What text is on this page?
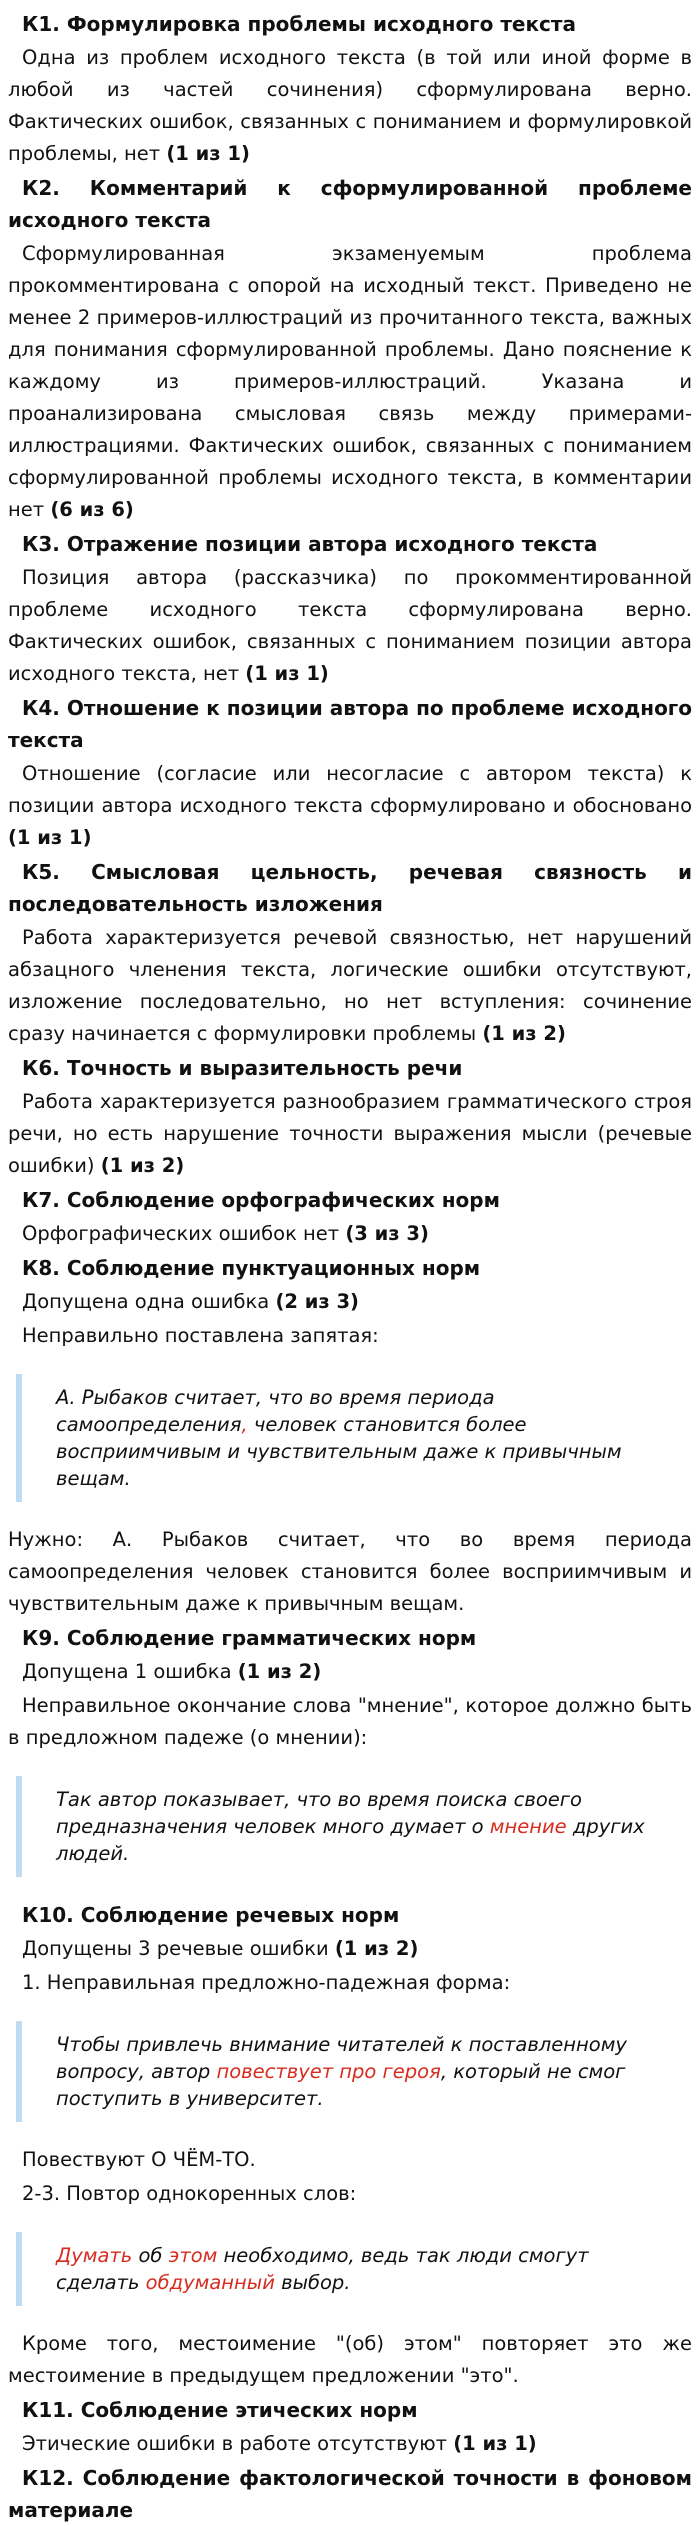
К1. Формулировка проблемы исходного текста
Одна из проблем исходного текста (в той или иной форме в любой из частей сочинения) сформулирована верно. Фактических ошибок, связанных с пониманием и формулировкой проблемы, нет (1 из 1)
К2. Комментарий к сформулированной проблеме исходного текста
Сформулированная экзаменуемым проблема прокомментирована с опорой на исходный текст. Приведено не менее 2 примеров-иллюстраций из прочитанного текста, важных для понимания сформулированной проблемы. Дано пояснение к каждому из примеров-иллюстраций. Указана и проанализирована смысловая связь между примерами-иллюстрациями. Фактических ошибок, связанных с пониманием сформулированной проблемы исходного текста, в комментарии нет (6 из 6)
К3. Отражение позиции автора исходного текста
Позиция автора (рассказчика) по прокомментированной проблеме исходного текста сформулирована верно. Фактических ошибок, связанных с пониманием позиции автора исходного текста, нет (1 из 1)
К4. Отношение к позиции автора по проблеме исходного текста
Отношение (согласие или несогласие с автором текста) к позиции автора исходного текста сформулировано и обосновано (1 из 1)
К5. Смысловая цельность, речевая связность и последовательность изложения
Работа характеризуется речевой связностью, нет нарушений абзацного членения текста, логические ошибки отсутствуют, изложение последовательно, но нет вступления: сочинение сразу начинается с формулировки проблемы (1 из 2)
К6. Точность и выразительность речи
Работа характеризуется разнообразием грамматического строя речи, но есть нарушение точности выражения мысли (речевые ошибки) (1 из 2)
К7. Соблюдение орфографических норм
Орфографических ошибок нет (3 из 3)
К8. Соблюдение пунктуационных норм
Допущена одна ошибка (2 из 3)
Неправильно поставлена запятая:
А. Рыбаков считает, что во время периода самоопределения, человек становится более восприимчивым и чувствительным даже к привычным вещам.
Нужно: А. Рыбаков считает, что во время периода самоопределения человек становится более восприимчивым и чувствительным даже к привычным вещам.
К9. Соблюдение грамматических норм
Допущена 1 ошибка (1 из 2)
Неправильное окончание слова "мнение", которое должно быть в предложном падеже (о мнении):
Так автор показывает, что во время поиска своего предназначения человек много думает о мнение других людей.
К10. Соблюдение речевых норм
Допущены 3 речевые ошибки (1 из 2)
1. Неправильная предложно-падежная форма:
Чтобы привлечь внимание читателей к поставленному вопросу, автор повествует про героя, который не смог поступить в университет.
Повествуют О ЧЁМ-ТО.
2-3. Повтор однокоренных слов:
Думать об этом необходимо, ведь так люди смогут сделать обдуманный выбор.
Кроме того, местоимение "(об) этом" повторяет это же местоимение в предыдущем предложении "это".
К11. Соблюдение этических норм
Этические ошибки в работе отсутствуют (1 из 1)
К12. Соблюдение фактологической точности в фоновом материале
